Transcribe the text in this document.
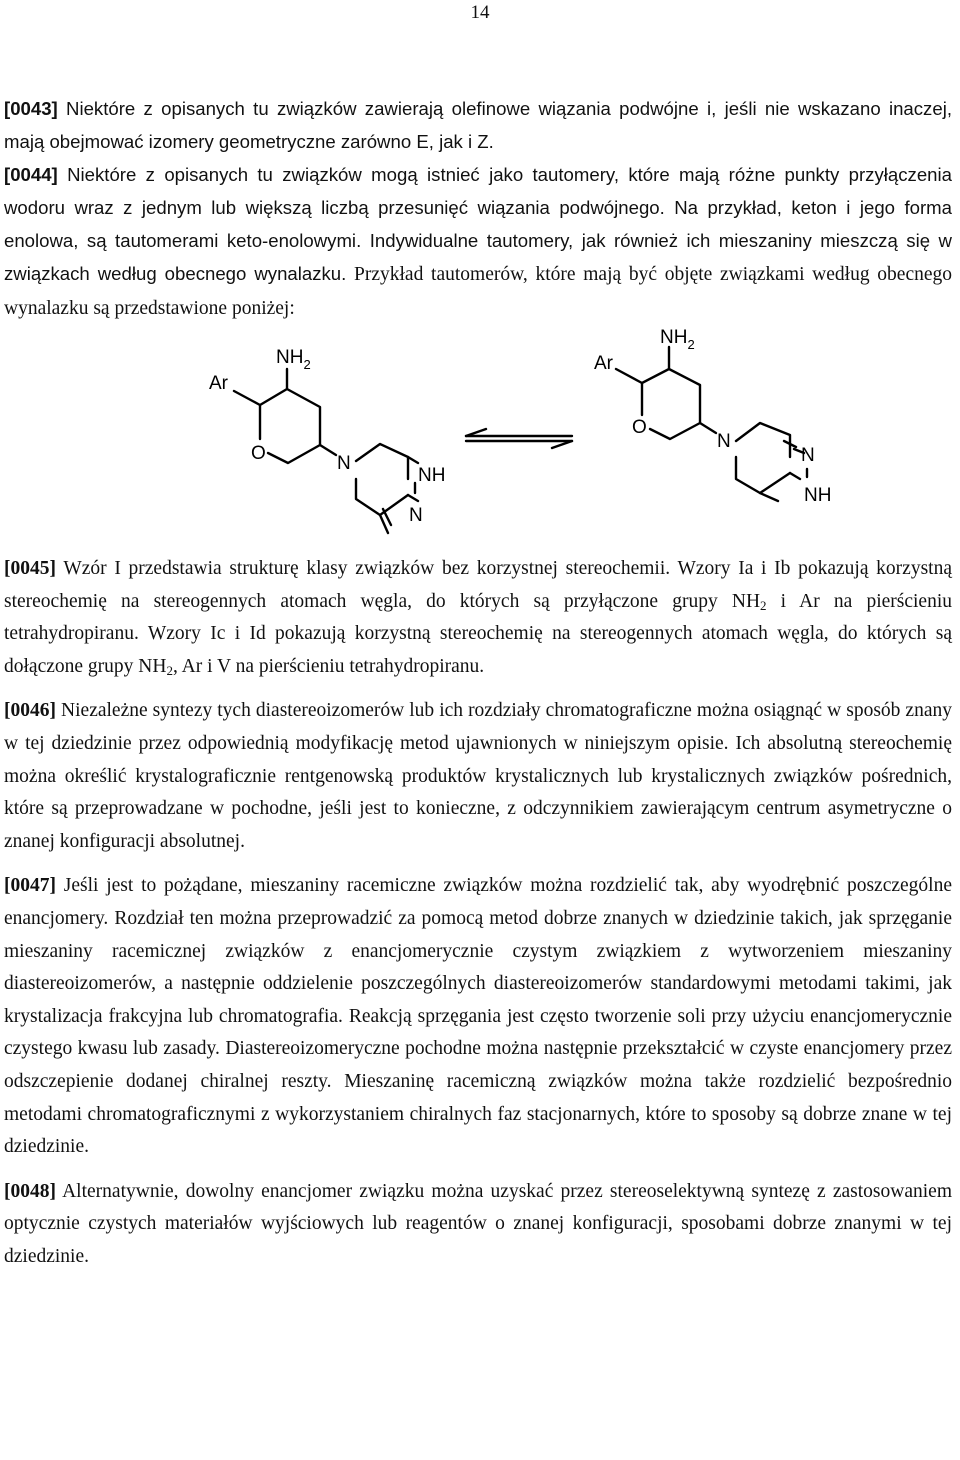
14

[0043] Niektóre z opisanych tu związków zawierają olefinowe wiązania podwójne i, jeśli nie wskazano inaczej, mają obejmować izomery geometryczne zarówno E, jak i Z.

[0044] Niektóre z opisanych tu związków mogą istnieć jako tautomery, które mają różne punkty przyłączenia wodoru wraz z jednym lub większą liczbą przesunięć wiązania podwójnego. Na przykład, keton i jego forma enolowa, są tautomerami keto-enolowymi. Indywidualne tautomery, jak również ich mieszaniny mieszczą się w związkach według obecnego wynalazku. Przykład tautomerów, które mają być objęte związkami według obecnego wynalazku są przedstawione poniżej:

Ar
$NH_2$
O	N
NH
N
Ar
$NH_2$
O
N
N
NH

[0045] Wzór I przedstawia strukturę klasy związków bez korzystnej stereochemii. Wzory Ia i Ib pokazują korzystną stereochemię na stereogennych atomach węgla, do których są przyłączone grupy $NH_2$ i Ar na pierścieniu tetrahydropiranu. Wzory Ic i Id pokazują korzystną stereochemię na stereogennych atomach węgla, do których są dołączone grupy $NH_2$, Ar i V na pierścieniu tetrahydropiranu.

[0046] Niezależne syntezy tych diastereoizomerów lub ich rozdziały chromatograficzne można osiągnąć w sposób znany w tej dziedzinie przez odpowiednią modyfikację metod ujawnionych w niniejszym opisie. Ich absolutną stereochemię można określić krystalograficznie rentgenowską produktów krystalicznych lub krystalicznych związków pośrednich, które są przeprowadzane w pochodne, jeśli jest to konieczne, z odczynnikiem zawierającym centrum asymetryczne o znanej konfiguracji absolutnej.

[0047] Jeśli jest to pożądane, mieszaniny racemiczne związków można rozdzielić tak, aby wyodrębnić poszczególne enancjomery. Rozdział ten można przeprowadzić za pomocą metod dobrze znanych w dziedzinie takich, jak sprzęganie mieszaniny racemicznej związków z enancjomerycznie czystym związkiem z wytworzeniem mieszaniny diastereoizomerów, a następnie oddzielenie poszczególnych diastereoizomerów standardowymi metodami takimi, jak krystalizacja frakcyjna lub chromatografia. Reakcją sprzęgania jest często tworzenie soli przy użyciu enancjomerycznie czystego kwasu lub zasady. Diastereoizomeryczne pochodne można następnie przekształcić w czyste enancjomery przez odszczepienie dodanej chiralnej reszty. Mieszaninę racemiczną związków można także rozdzielić bezpośrednio metodami chromatograficznymi z wykorzystaniem chiralnych faz stacjonarnych, które to sposoby są dobrze znane w tej dziedzinie.

[0048] Alternatywnie, dowolny enancjomer związku można uzyskać przez stereoselektywną syntezę z zastosowaniem optycznie czystych materiałów wyjściowych lub reagentów o znanej konfiguracji, sposobami dobrze znanymi w tej dziedzinie.
